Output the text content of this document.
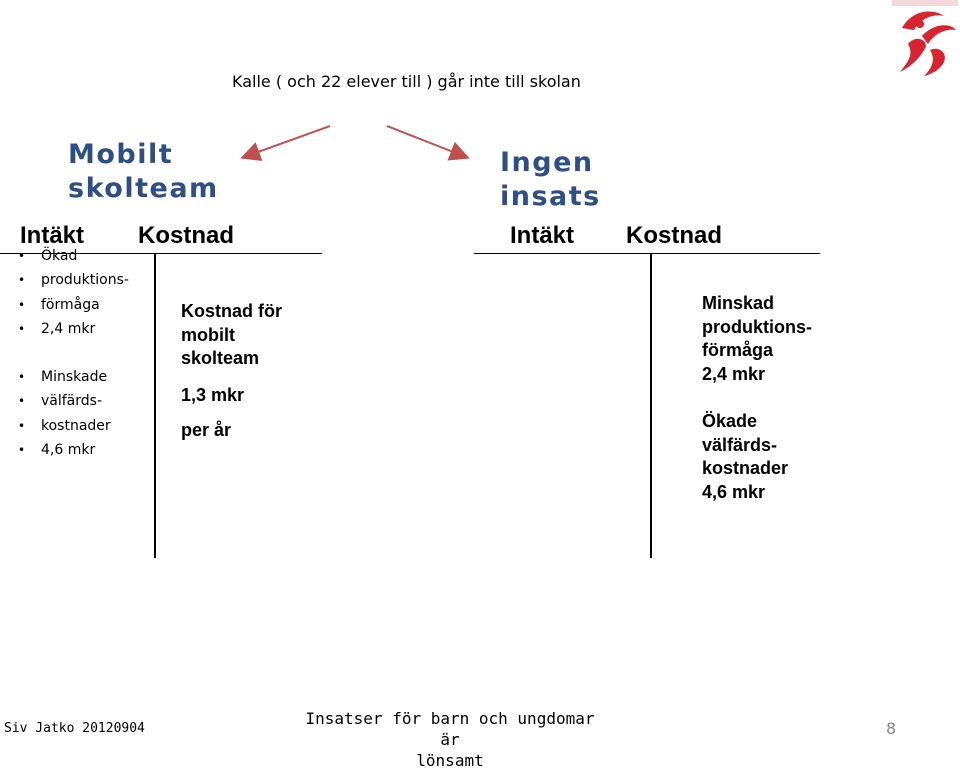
Kalle ( och 22 elever till ) går inte till skolan
Mobilt
skolteam
Ingen
insats
Intäkt Kostnad
• Ökad
• produktions-
• förmåga
• 2,4 mkr
• Minskade
• välfärds-
• kostnader
• 4,6 mkr
Kostnad för
mobilt
skolteam
1,3 mkr
per år
Intäkt Kostnad
Minskad
produktions-
förmåga
2,4 mkr
Ökade
välfärds-
kostnader
4,6 mkr
Siv Jatko 20120904
Insatser för barn och ungdomar är
lönsamt
8
